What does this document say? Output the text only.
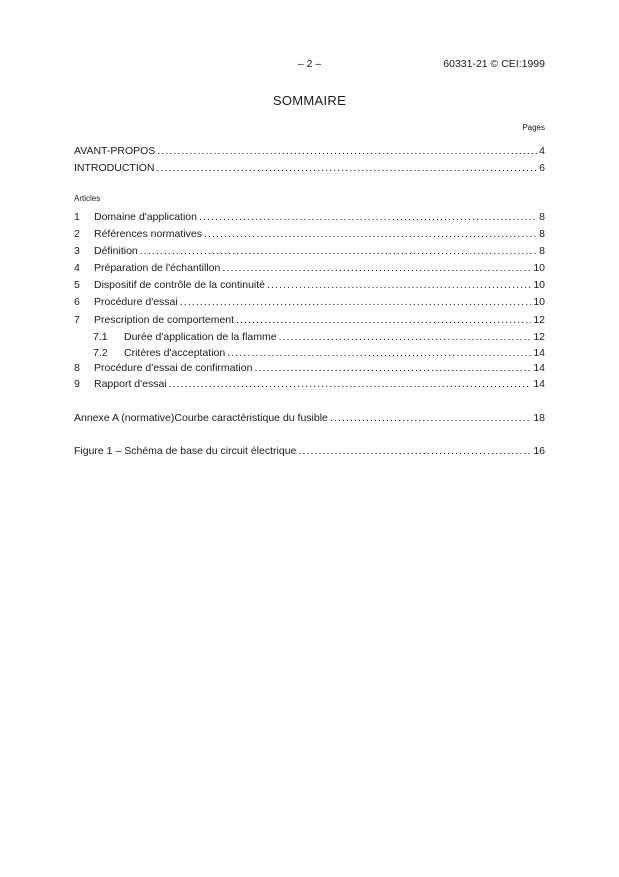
– 2 –	60331-21 © CEI:1999
SOMMAIRE
Pages
AVANT-PROPOS .....	4
INTRODUCTION .....	6
Articles
1	Domaine d'application .....	8
2	Références normatives .....	8
3	Définition .....	8
4	Préparation de l'échantillon .....	10
5	Dispositif de contrôle de la continuité .....	10
6	Procédure d'essai .....	10
7	Prescription de comportement .....	12
7.1	Durée d'application de la flamme .....	12
7.2	Critères d'acceptation .....	14
8	Procédure d'essai de confirmation .....	14
9	Rapport d'essai .....	14
Annexe A (normative) Courbe caractéristique du fusible .....	18
Figure 1 – Schéma de base du circuit électrique .....	16
